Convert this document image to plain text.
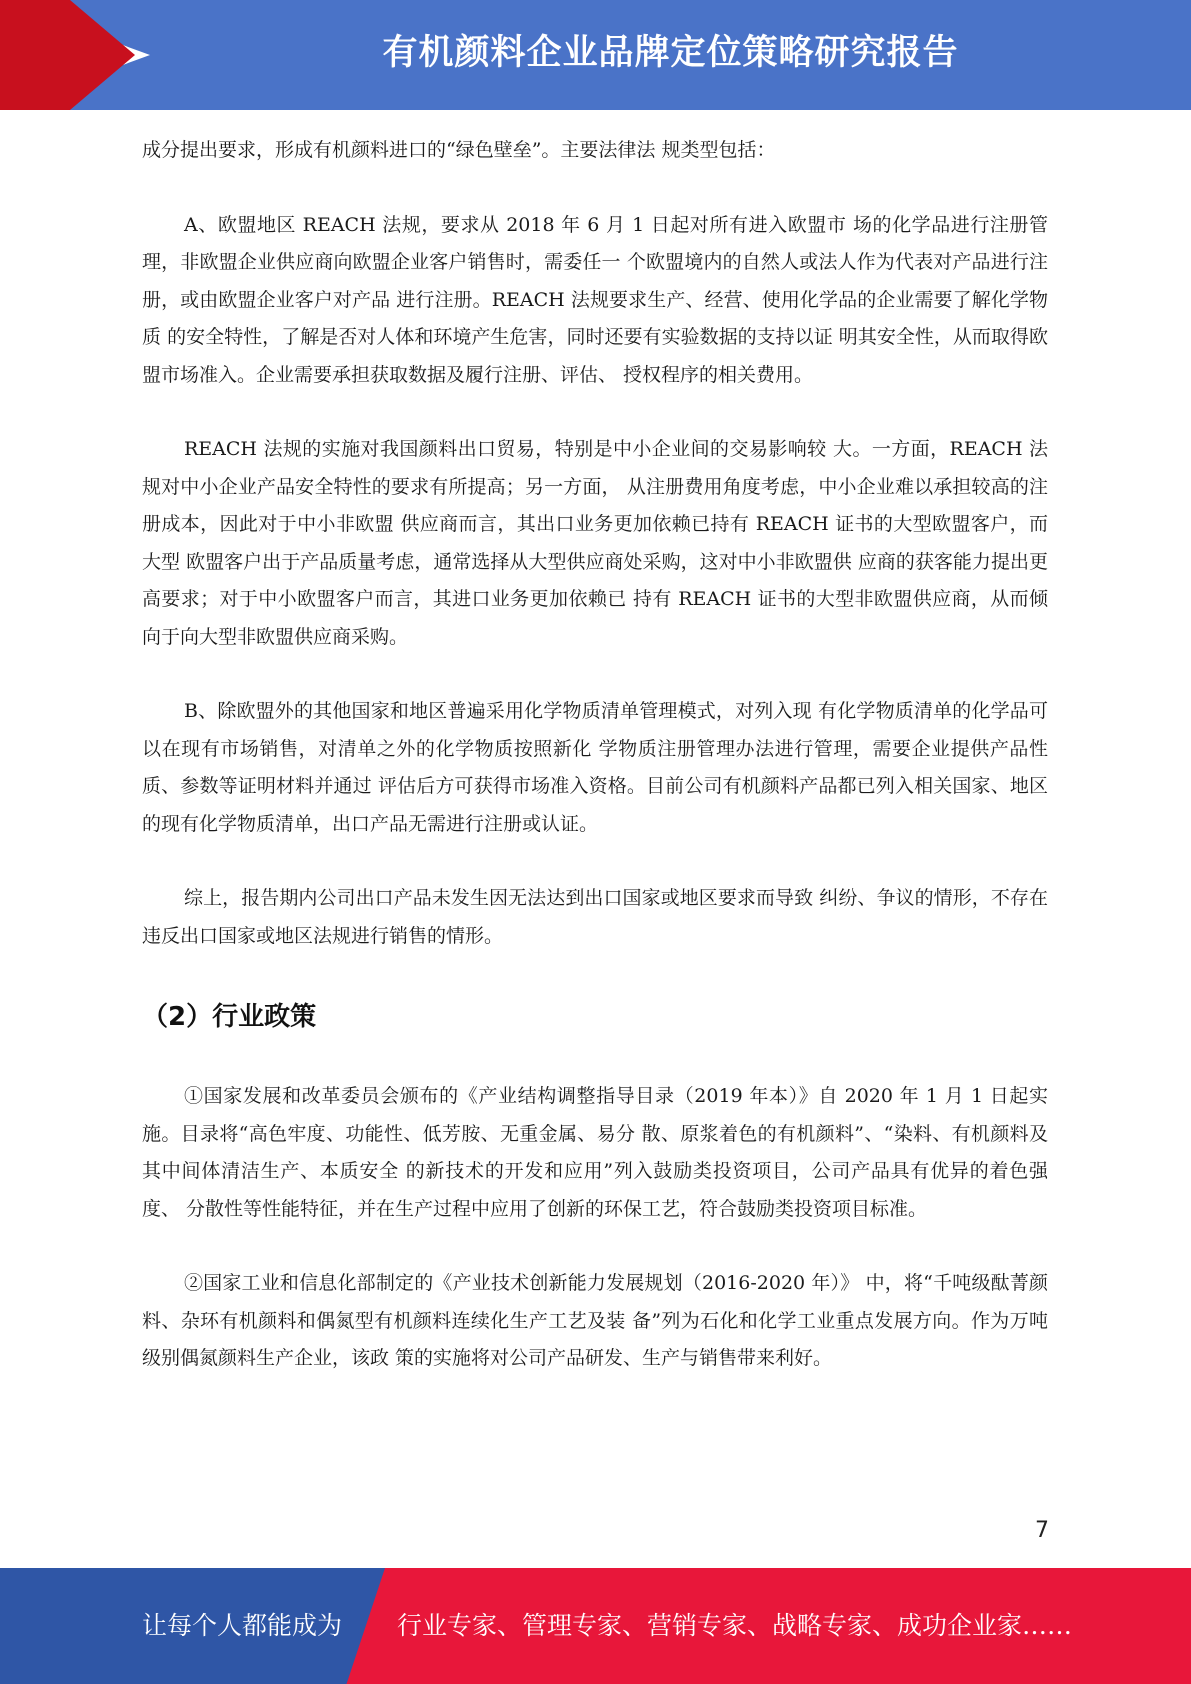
有机颜料企业品牌定位策略研究报告

成分提出要求，形成有机颜料进口的“绿色壁垒”。主要法律法 规类型包括：

A、欧盟地区 REACH 法规，要求从 2018 年 6 月 1 日起对所有进入欧盟市 场的化学品进行注册管理，非欧盟企业供应商向欧盟企业客户销售时，需委任一 个欧盟境内的自然人或法人作为代表对产品进行注册，或由欧盟企业客户对产品 进行注册。REACH 法规要求生产、经营、使用化学品的企业需要了解化学物质 的安全特性，了解是否对人体和环境产生危害，同时还要有实验数据的支持以证 明其安全性，从而取得欧盟市场准入。企业需要承担获取数据及履行注册、评估、 授权程序的相关费用。

REACH 法规的实施对我国颜料出口贸易，特别是中小企业间的交易影响较 大。一方面，REACH 法规对中小企业产品安全特性的要求有所提高；另一方面， 从注册费用角度考虑，中小企业难以承担较高的注册成本，因此对于中小非欧盟 供应商而言，其出口业务更加依赖已持有 REACH 证书的大型欧盟客户，而大型 欧盟客户出于产品质量考虑，通常选择从大型供应商处采购，这对中小非欧盟供 应商的获客能力提出更高要求；对于中小欧盟客户而言，其进口业务更加依赖已 持有 REACH 证书的大型非欧盟供应商，从而倾向于向大型非欧盟供应商采购。

B、除欧盟外的其他国家和地区普遍采用化学物质清单管理模式，对列入现 有化学物质清单的化学品可以在现有市场销售，对清单之外的化学物质按照新化 学物质注册管理办法进行管理，需要企业提供产品性质、参数等证明材料并通过 评估后方可获得市场准入资格。目前公司有机颜料产品都已列入相关国家、地区 的现有化学物质清单，出口产品无需进行注册或认证。

综上，报告期内公司出口产品未发生因无法达到出口国家或地区要求而导致 纠纷、争议的情形，不存在违反出口国家或地区法规进行销售的情形。

（2）行业政策

①国家发展和改革委员会颁布的《产业结构调整指导目录（2019 年本）》自 2020 年 1 月 1 日起实施。目录将“高色牢度、功能性、低芳胺、无重金属、易分 散、原浆着色的有机颜料”、“染料、有机颜料及其中间体清洁生产、本质安全 的新技术的开发和应用”列入鼓励类投资项目，公司产品具有优异的着色强度、 分散性等性能特征，并在生产过程中应用了创新的环保工艺，符合鼓励类投资项目标准。

②国家工业和信息化部制定的《产业技术创新能力发展规划（2016-2020 年）》 中，将“千吨级酞菁颜料、杂环有机颜料和偶氮型有机颜料连续化生产工艺及装 备”列为石化和化学工业重点发展方向。作为万吨级别偶氮颜料生产企业，该政 策的实施将对公司产品研发、生产与销售带来利好。

7
让每个人都能成为 行业专家、管理专家、营销专家、战略专家、成功企业家……
